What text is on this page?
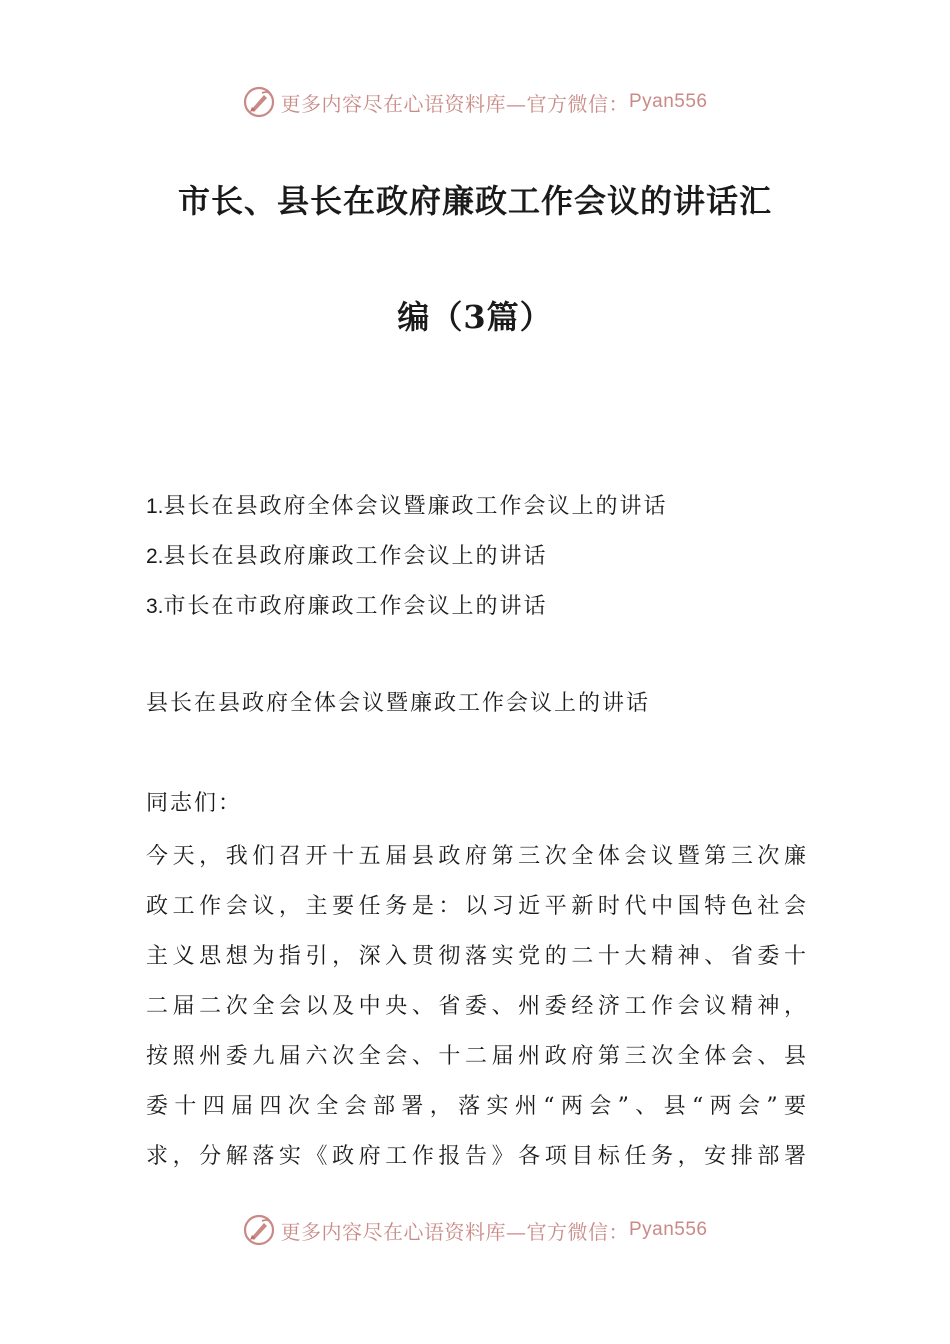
更多内容尽在心语资料库—官方微信： Pyan556
市长、县长在政府廉政工作会议的讲话汇
编（3篇）
1.县长在县政府全体会议暨廉政工作会议上的讲话
2.县长在县政府廉政工作会议上的讲话
3.市长在市政府廉政工作会议上的讲话
县长在县政府全体会议暨廉政工作会议上的讲话
同志们：
今天，我们召开十五届县政府第三次全体会议暨第三次廉
政工作会议，主要任务是：以习近平新时代中国特色社会
主义思想为指引，深入贯彻落实党的二十大精神、省委十
二届二次全会以及中央、省委、州委经济工作会议精神，
按照州委九届六次全会、十二届州政府第三次全体会、县
委十四届四次全会部署，落实州“两会”、县“两会”要
求，分解落实《政府工作报告》各项目标任务，安排部署
更多内容尽在心语资料库—官方微信： Pyan556
